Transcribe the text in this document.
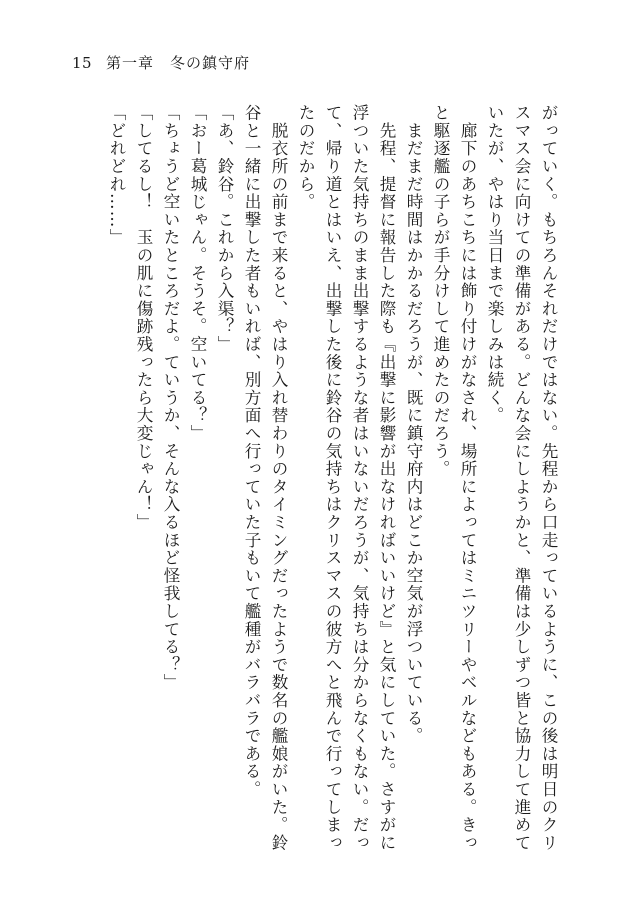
15 第一章　冬の鎮守府
がっていく。もちろんそれだけではない。先程から口走っているように、この後は明日のクリ
スマス会に向けての準備がある。どんな会にしようかと、準備は少しずつ皆と協力して進めて
いたが、やはり当日まで楽しみは続く。
　廊下のあちこちには飾り付けがなされ、場所によってはミニツリーやベルなどもある。きっ
と駆逐艦の子らが手分けして進めたのだろう。
　まだまだ時間はかかるだろうが、既に鎮守府内はどこか空気が浮ついている。
　先程、提督に報告した際も『出撃に影響が出なければいいけど』と気にしていた。さすがに
浮ついた気持ちのまま出撃するような者はいないだろうが、気持ちは分からなくもない。だっ
て、帰り道とはいえ、出撃した後に鈴谷の気持ちはクリスマスの彼方へと飛んで行ってしまっ
たのだから。
　脱衣所の前まで来ると、やはり入れ替わりのタイミングだったようで数名の艦娘がいた。鈴
谷と一緒に出撃した者もいれば、別方面へ行っていた子もいて艦種がバラバラである。
「あ、鈴谷。これから入渠？」
「おー葛城じゃん。そうそ。空いてる？」
「ちょうど空いたところだよ。ていうか、そんな入るほど怪我してる？」
「してるし！　玉の肌に傷跡残ったら大変じゃん！」
「どれどれ……」
